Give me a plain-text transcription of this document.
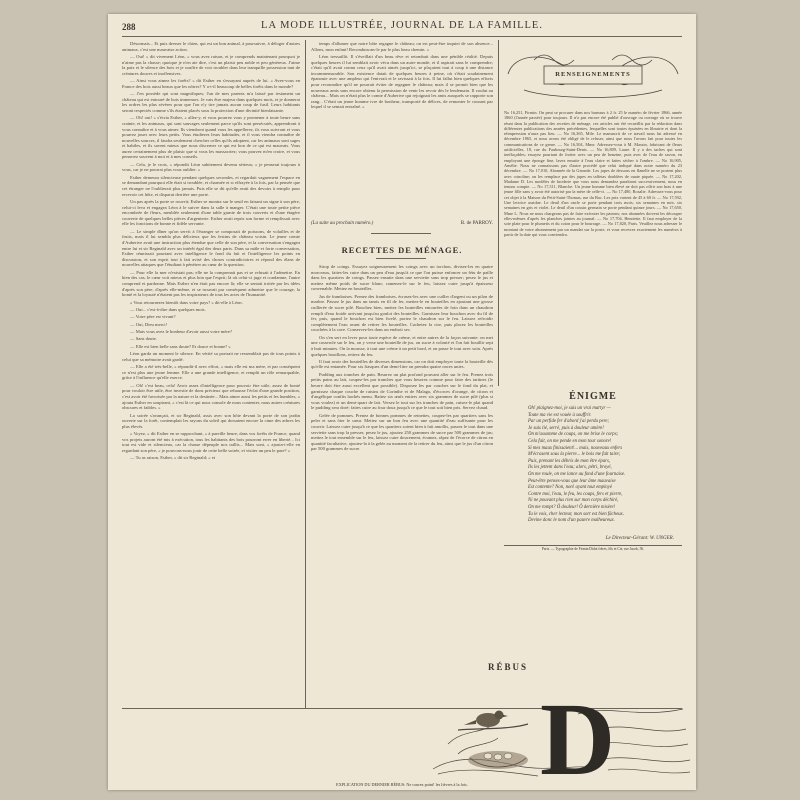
288	LA MODE ILLUSTRÉE, JOURNAL DE LA FAMILLE.

Désormais... Et puis dresser le chien, qui est un bon animal, à poursuivre, à déloger d'autres animaux, c'est une mauvaise action.

— Oui! » dit vivement Léon, « vous avez raison, et je comprends maintenant pourquoi je n'aime pas la chasse; quoique je n'en aie dire, c'est un plaisir peu noble et peu généreux. J'aime la paix et le silence des bois et je souffre de voir troubler dans leur tranquille possession tant de créatures douces et inoffensives.

— Ainsi vous aimez les forêts? » dit Esther en s'essayant auprès de lui. « Avez-vous en France des bois aussi beaux que les nôtres? Y a-t-il beaucoup de belles forêts dans le monde?

— J'en possède qui sont magnifiques; l'un de mes parents m'a laissé par testament un château qui est entouré de bois immenses. Je vais être majeur dans quelques mois, et je donnerai les ordres les plus sévères pour que l'on n'y tire jamais aucun coup de fusil. Leurs habitants seront respectés comme s'ils étaient placés sous la protection d'une divinité bienfaisante.

— Oh! oui! » s'écria Esther, « allez-y, et vous pourrez vous y promener à toute heure sans crainte, et les animaux, qui sont sauvages seulement parce qu'ils sont persécutés, apprendront à vous connaître et à vous aimer. Ils viendront quand vous les appellerez, ils vous suivront et vous pourrez jouer avec leurs petits. Vous étudierez leurs habitudes, et il vous viendra connaître de nouvelles sources, il faudra seulement chercher celles qu'ils adoptent, car les animaux sont sages et habiles, et ils savent mieux que nous discerner ce qui est bon de ce qui est mauvais. Vous aurez certainement plus de plaisir que si vous les massacriez; vous pouvez m'en croire, et vous penserez souvent à moi et à mes conseils.

— Cela, je le crois, » répondit Léon subitement devenu sérieux; « je penserai toujours à vous, car je ne pourrai plus vous oublier. »

Esther demeura silencieuse pendant quelques secondes, et regardait vaguement l'espace en se demandant pourquoi elle était si troublée, et charmée et si effrayée à la fois, par la pensée que cet étranger ne l'oublierait plus jamais. Puis elle se dit qu'elle avait des devoirs à remplir pour recevoir cet hôte, et disparut derrière une porte.

Un pas après la porte se rouvrit; Esther se montra sur le seuil en faisant un signe à son père, celui-ci leva et engagea Léon à le suivre dans la salle à manger. C'était une toute petite pièce encombrée de fleurs, meublée seulement d'une table garnie de trois couverts et d'une étagère couverte de quelques belles pièces d'argenterie. Esther avait repris son forme et remplissait avec elle les fonctions de bonne et fidèle servante.

— Le simple dîner qu'on servit à l'étranger se composait de poissons, de volailles et de fruits, mais il lui sembla plus délicieux que les festins de château voisin. Le jeune comte d'Auberive avait une instruction plus étendue que celle de son père, et la conversation s'engagea entre lui et sir Reginald avec un intérêt égal des deux parts. Dans sa mâle et forte conversation, Esther réunissait pourtant avec intelligence le fond du fait et l'intelligence les points en discussion, et son esprit tout à fait avisé des choses contradictoires et répond des élans de nouvelles attaques que l'étudiant à pénétrer au cœur de la question.

— Pour elle la mer n'existait pas; elle ne la comprenait pas et se refusait à l'admettre. En bien des cas, le cœur voit mieux et plus loin que l'esprit; là où celui-ci juge et condamne, l'autre comprend et pardonne. Mais Esther n'en était pas encore là; elle se sentait irritée par les idées d'après son père, d'après elle-même, et se trouvait par conséquent admettre que le courage, la bonté et la loyauté n'étaient pas les inspirateurs de tous les actes de l'humanité.

« Vous retournerez bientôt dans votre pays? » dit-elle à Léon.

— Oui... c'est-à-dire dans quelques mois.

— Votre père est vivant?

— Oui, Dieu merci!

— Mais vous avez le bonheur d'avoir aussi votre mère?

— Sans doute.

— Elle est bien belle sans doute? Et douce et bonne? »

Léon garda un moment le silence. En vérité sa portrait ne ressemblait pas de tous points à celui que sa mémoire avait gardé.

— Elle a été très-belle, » répondit-il avec effort, « mais elle est ma mère, et par conséquent ce n'est plus une jeune femme. Elle a une grande intelligence, et remplit un rôle remarquable, grâce à l'influence qu'elle exerce.

— Oh! c'est beau, cela! Avoir assez d'intelligence pour pouvoir être utile, assez de bonté pour vouloir être utile, être investie de dons précieux que rehausse l'éclat d'une grande position, c'est avoir été favorisée par la nature et la destinée... Mais aimer aussi les petits et les humbles, » ajouta Esther en soupirant, « c'est là ce qui nous console de nous contenter, nous autres créatures obscures et faibles. »

La soirée s'avançait, et sir Reginald, assis avec son hôte devant la porte de son jardin ouverte sur la forêt, contemplait les rayons du soleil qui dorsaient encore la cime des arbres les plus élevés.

« Voyez, » dit Esther en se rapprochant, « à pareille heure, dans vos forêts de France, quand vos projets auront été mis à exécution, tous les habitants des bois pourront errer en liberté... Ici tout est vide et silencieux, car la chasse dépeuple nos taillis... Mais sont, » ajouta-t-elle en regardant son père, « je pouvons-nous jouir de cette belle soirée, et visiter un peu le pare? »

— Tu as raison, Esther, » dit sir Reginald; « et

temps d'allumer que notre hôte regagne le château; on est peut-être inquiet de son absence... Allons, mon enfant! Reconduisons-le par le plus beau chemin. »

Léon tressaillit. Il s'éveillait d'un beau rêve et retombait dans une pénible réalité. Depuis quelques heures il lui semblait avoir vécu dans un autre monde, et il aspirait sans le comprendre; c'était qu'il avait connu ceux qu'il avait aimés jusqu'ici, se plaçaient tout à coup à une distance incommensurable. Son existence datait de quelques heures à peine, où s'était soudainement épanouie avec une ampleur qui l'enivrait et le ravissait à la fois. Il lui fallut bien quelques efforts pour reconnaître qu'il ne pourrait éviter de regagner le château; mais il se promit bien que les nouveaux amis sans encore obtenu la permission de venir les revoir dès le lendemain. Il voulut au château... Mais on n'était plus le comte d'Auberive qui rejoignait les amis auxquels se rapporte son rang... C'était un jeune homme ivre de bonheur, transporté de délices, de remonter le courant par lequel il se sentait entraîné. »

(La suite au prochain numéro.)	B. de PARROY.
RECETTES DE MÉNAGE.

Sirop de coings. Essuyez soigneusement les coings avec un torchon, divisez-les en quatre morceaux, faites-les cuire dans un peu d'eau jusqu'à ce que l'on puisse enfoncer un fétu de paille dans les quartiers de coings. Passez ensuite dans une serviette sans trop presser; pesez le jus et mettez même poids de sucre blanc; ramenez-le sur le feu, laissez cuire jusqu'à épaisseur convenable. Mettez en bouteilles.

Jus de framboises. Prenez des framboises, écrasez-les avec une cuiller d'argent ou un pilon de marbre. Passez le jus dans un tamis en fil de fer, mettez-le en bouteilles en ajoutant une grosse cuillerée de sucre pilé. Bouchez bien, mettez les bouteilles entourées de foin dans un chaudron rempli d'eau froide arrivant jusqu'au goulot des bouteilles. Garnissez leur bouchon avec du fil de fer, puis, quand le bouchon est bien ficelé, portez le chaudron sur le feu. Laissez refroidir complètement l'eau avant de retirer les bouteilles. Cachetez la cire, puis placez les bouteilles couchées à la cave. Conservez-les dans un endroit sec.

On s'en sert en lever pour toute espèce de crème, et entre autres de la façon suivante: on met une casserole sur le feu, on y verse une bouteille de jus, on sucre à volonté et l'on fait bouillir sept à huit minutes. On la mousse, à tout une crème à un petit bord, et on passe le tout avec soin. Après quelques bouillons, retirez du feu.

Il faut avoir des bouteilles de diverses dimensions, car on doit employer toute la bouteille dès qu'elle est entamée. Pour six fiasques d'un demi-litre on prendra quatre onces unies.

Pudding aux tranches de pain. Beurrez un plat profond pouvant aller sur le feu. Prenez trois petits pains au lait, coupez-les par tranches que vous beurrez comme pour faire des tartines (le beurre doit être aussi excellent que possible). Disposez les par couches sur le fond du plat, et garnissez chaque couche de raisins de Corinthe et de Malaga, d'écorces d'orange, de citron et d'angélique confits hachés menu. Battez six œufs entiers avec six grammes de sucre pilé (plus si vous voulez) et un demi-quart de lait. Versez le tout sur les tranches de pain, cuisez-le plat quand le pudding sera doré; faites cuire au four doux jusqu'à ce que le tout soit bien pris. Servez chaud.

Gelée de pommes. Prenez de bonnes pommes de reinettes, coupez-les par quartiers sans les peler et sans ôter le cœur. Mettez sur un bon feu avec une quantité d'eau suffisante pour les couvrir. Laissez cuire jusqu'à ce que les quartiers soient bien à fait amollis, passez le tout dans une serviette sans trop la presser, pesez le jus, ajoutez 250 grammes de sucre par 500 grammes de jus; mettez le tout ensemble sur le feu, laissez cuire doucement, écumez, râpez de l'écorce de citron en quantité facultative, ajoutez-la à la gelée au moment de la retirer du feu, ainsi que le jus d'un citron par 500 grammes de sucre.

RENSEIGNEMENTS
No 16,251, Firmin. On peut se procurer dans nos bureaux à 2 fr. 25 le numéro de février 1866, année 1860 (l'année passée) pour toujours. Il n'a pas encore été publié d'ouvrage ou ouvrage où se trouve réuni dans la publication des recettes de ménage, ces articles ont été recueillis par la rédaction dans différentes publications des années précédentes, lesquelles sont toutes épuisées en librairie et dont la réimpression n'aura pas lieu. — No 16,365, Mile. Le manuscrit de ce travail nous fut adressé en décembre 1865, et nous avons été obligé de le refuser, ainsi que nous l'avons fait pour toutes les communications de ce genre. — No 16,504, Mme. Adressez-vous à M. Massin, fabricant de fleurs artificielles, 18, rue du Faubourg-Saint-Denis. — No 16,809, Laure. Il y a des taches qui sont ineffaçables; essayez pourtant de frotter avec un peu de benzine, puis avec de l'eau de savon, en employant une éponge fine, lavez ensuite à l'eau claire et faites sécher à l'ombre. — No 16,905, Amélie. Nous ne connaissons pas d'autre procédé que celui indiqué dans notre numéro du 23 décembre. — No 17,010, Abonnée de la Gironde. Les jupes de dessous en flanelle ne se portent plus avec crinoline; on les remplace par des jupes en taffetas doublées de ouate piquée. — No 17,202, Madame D. Les modèles de broderie que vous nous demandez paraîtront successivement, nous en tenons compte. — No 17,311, Blanche. Un jeune homme bien élevé ne doit pas offrir son bras à une jeune fille sans y avoir été autorisé par la mère de celle-ci. — No 17,480, Rosalie. Adressez-vous pour cet objet à la Maison du Petit-Saint-Thomas, rue du Bac. Les prix varient de 45 à 60 fr. — No 17,592, Une lectrice assidue. Le deuil d'un oncle se porte pendant trois mois; six semaines en noir, six semaines en gris et violet. Le deuil d'un cousin germain se porte pendant quinze jours. — No 17,650, Mme L. Nous ne nous chargeons pas de faire exécuter les patrons; nos abonnées doivent les découper elles-mêmes d'après les planches jointes au journal. — No 17,704, Henriette. Il faut employer de la soie plate pour le plumetis et du coton pour le bourrage. — No 17,820, Paris. Veuillez nous adresser le montant de votre abonnement par un mandat sur la poste, et vous recevrez exactement les numéros à partir de la date qui vous conviendra.
ÉNIGME
Oh! plaignez-moi, je suis un vrai martyr —
Toute ma vie est vouée à souffrir.
Par un perfide fer d'abord j'ai perdu pere;
Je suis lié, serré, puis à douleur amère!
On m'assomme de coups, on me brise le corps;
Cela fait, on me pende en mon tour sonore!
Si mes maux finissaient!... mais, nouveaux enfers
M'écrasent sous la pierre... le bois me fait taire;
Puis, prenant les débris de mon être épars,
Ils les jettent dans l'eau; alors, pétri, broyé,
On me roule, on me lance au fond d'une fournaise.
Peut-être penses-vous que leur âme mauvaise
Est contente? Non, non! ayant tout employé
Contre moi, l'eau, le feu, les coups, fers et pierre,
Ni ne pouvant plus rien sur mon corps déchiré,
On me rompt? Ô douleur! Ô dernière misère!
Tu le vois, cher lecteur, mon sort est bien fâcheux.
Devine donc le nom d'un pauvre malheureux.
Le Directeur-Gérant: W. UNGER.
Paris. — Typographie de Firmin Didot frères, fils et Cie, rue Jacob, 56.
RÉBUS
D
EXPLICATION DU DERNIER RÉBUS: Ne courez point! les lièvres à la fois.
